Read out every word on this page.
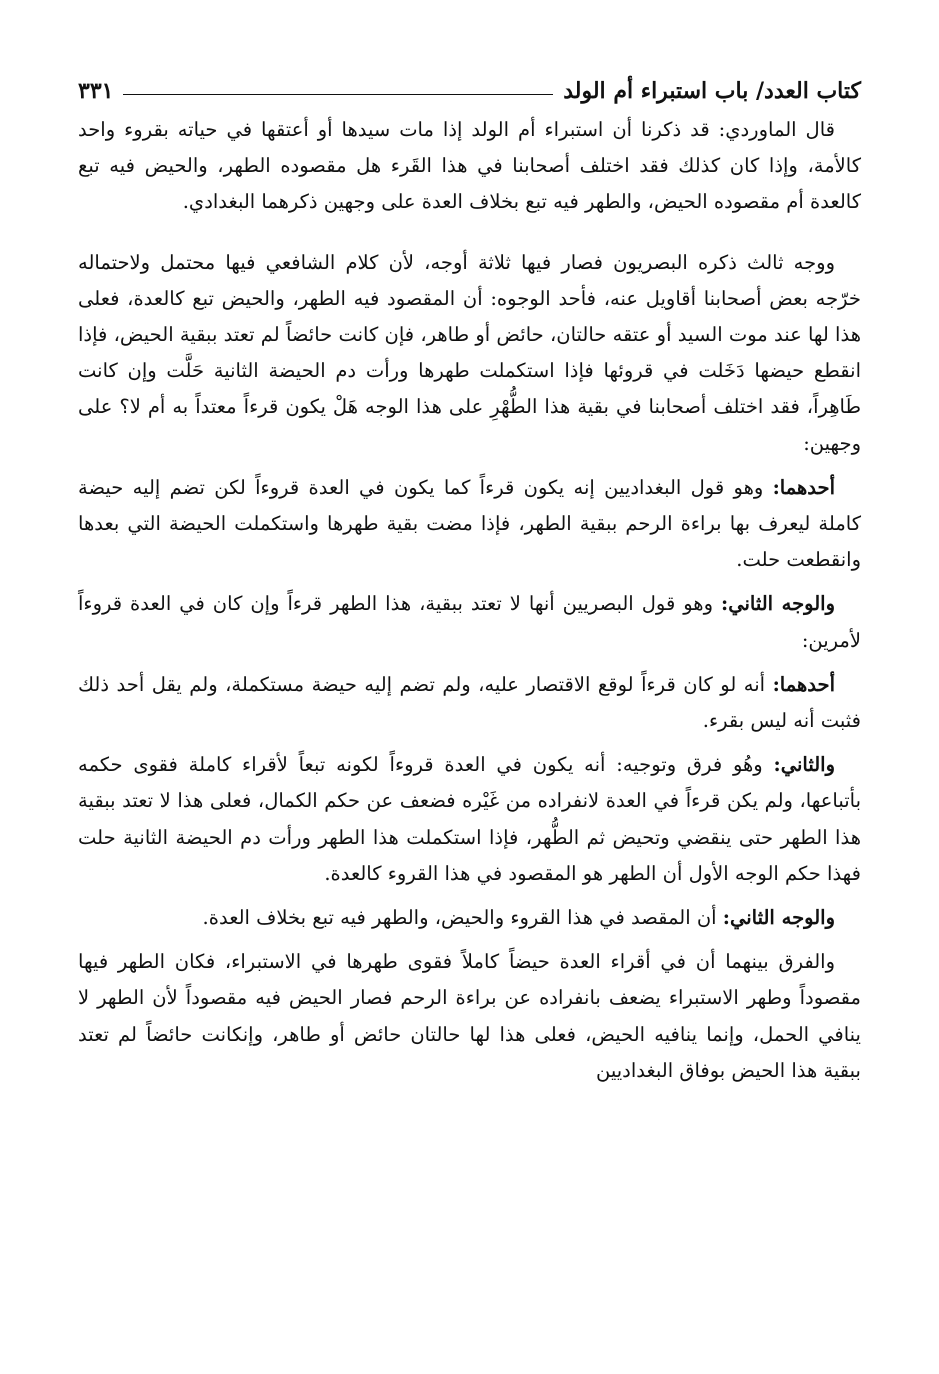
كتاب العدد/ باب استبراء أم الولد
٣٣١

قال الماوردي: قد ذكرنا أن استبراء أم الولد إذا مات سيدها أو أعتقها في حياته بقروء واحد كالأمة، وإذا كان كذلك فقد اختلف أصحابنا في هذا القَرء هل مقصوده الطهر، والحيض فيه تبع كالعدة أم مقصوده الحيض، والطهر فيه تبع بخلاف العدة على وجهين ذكرهما البغدادي.

ووجه ثالث ذكره البصريون فصار فيها ثلاثة أوجه، لأن كلام الشافعي فيها محتمل ولاحتماله خرّجه بعض أصحابنا أقاويل عنه، فأحد الوجوه: أن المقصود فيه الطهر، والحيض تبع كالعدة، فعلى هذا لها عند موت السيد أو عتقه حالتان، حائض أو طاهر، فإن كانت حائضاً لم تعتد ببقية الحيض، فإذا انقطع حيضها دَخَلت في قروئها فإذا استكملت طهرها ورأت دم الحيضة الثانية حَلَّت وإن كانت طَاهِراً، فقد اختلف أصحابنا في بقية هذا الطُّهْرِ على هذا الوجه هَلْ يكون قرءاً معتداً به أم لا؟ على وجهين:

أحدهما: وهو قول البغداديين إنه يكون قرءاً كما يكون في العدة قروءاً لكن تضم إليه حيضة كاملة ليعرف بها براءة الرحم ببقية الطهر، فإذا مضت بقية طهرها واستكملت الحيضة التي بعدها وانقطعت حلت.

والوجه الثاني: وهو قول البصريين أنها لا تعتد ببقية، هذا الطهر قرءاً وإن كان في العدة قروءاً لأمرين:

أحدهما: أنه لو كان قرءاً لوقع الاقتصار عليه، ولم تضم إليه حيضة مستكملة، ولم يقل أحد ذلك فثبت أنه ليس بقرء.

والثاني: وهُو فرق وتوجيه: أنه يكون في العدة قروءاً لكونه تبعاً لأقراء كاملة فقوى حكمه بأتباعها، ولم يكن قرءاً في العدة لانفراده من غَيْره فضعف عن حكم الكمال، فعلى هذا لا تعتد ببقية هذا الطهر حتى ينقضي وتحيض ثم الطُّهر، فإذا استكملت هذا الطهر ورأت دم الحيضة الثانية حلت فهذا حكم الوجه الأول أن الطهر هو المقصود في هذا القروء كالعدة.

والوجه الثاني: أن المقصد في هذا القروء والحيض، والطهر فيه تبع بخلاف العدة.

والفرق بينهما أن في أقراء العدة حيضاً كاملاً فقوى طهرها في الاستبراء، فكان الطهر فيها مقصوداً وطهر الاستبراء يضعف بانفراده عن براءة الرحم فصار الحيض فيه مقصوداً لأن الطهر لا ينافي الحمل، وإنما ينافيه الحيض، فعلى هذا لها حالتان حائض أو طاهر، وإنكانت حائضاً لم تعتد ببقية هذا الحيض بوفاق البغداديين
